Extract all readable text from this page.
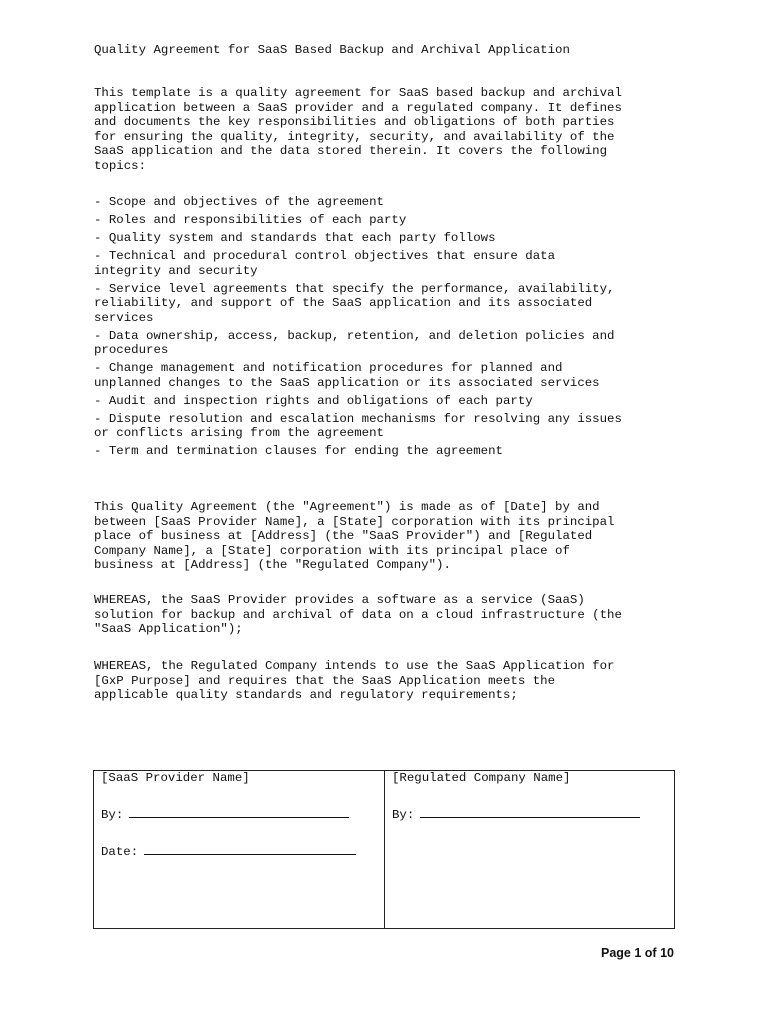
Quality Agreement for SaaS Based Backup and Archival Application
This template is a quality agreement for SaaS based backup and archival
application between a SaaS provider and a regulated company. It defines
and documents the key responsibilities and obligations of both parties
for ensuring the quality, integrity, security, and availability of the
SaaS application and the data stored therein. It covers the following
topics:
- Scope and objectives of the agreement
- Roles and responsibilities of each party
- Quality system and standards that each party follows
- Technical and procedural control objectives that ensure data
integrity and security
- Service level agreements that specify the performance, availability,
reliability, and support of the SaaS application and its associated
services
- Data ownership, access, backup, retention, and deletion policies and
procedures
- Change management and notification procedures for planned and
unplanned changes to the SaaS application or its associated services
- Audit and inspection rights and obligations of each party
- Dispute resolution and escalation mechanisms for resolving any issues
or conflicts arising from the agreement
- Term and termination clauses for ending the agreement
This Quality Agreement (the "Agreement") is made as of [Date] by and
between [SaaS Provider Name], a [State] corporation with its principal
place of business at [Address] (the "SaaS Provider") and [Regulated
Company Name], a [State] corporation with its principal place of
business at [Address] (the "Regulated Company").
WHEREAS, the SaaS Provider provides a software as a service (SaaS)
solution for backup and archival of data on a cloud infrastructure (the
"SaaS Application");
WHEREAS, the Regulated Company intends to use the SaaS Application for
[GxP Purpose] and requires that the SaaS Application meets the
applicable quality standards and regulatory requirements;
[SaaS Provider Name]
By:
Date:
[Regulated Company Name]
By:
Page 1 of 10
